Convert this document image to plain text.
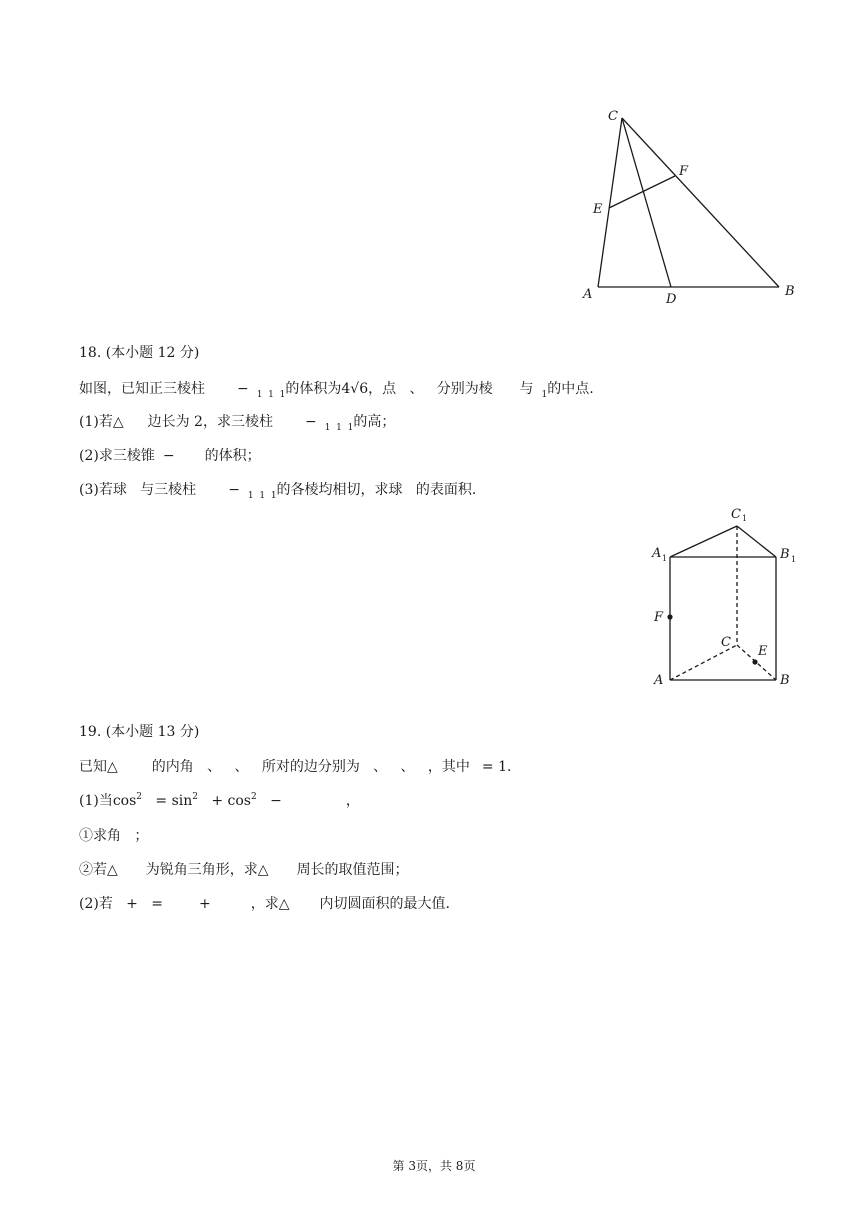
C
F
E
A	D
B
C 1
A 1	B 1
F
C
E
A	B
18. (本小题 12 分)
如图，已知正三棱柱 − $_{1 1 1}$的体积为4√6，点   、   分别为棱      与 $_1$的中点.
(1)若△ 边长为 2，求三棱柱 − $_{1 1 1}$的高；
(2)求三棱锥 − 的体积；
(3)若球   与三棱柱 − $_{1 1 1}$的各棱均相切，求球   的表面积.
19. (本小题 13 分)
已知△ 的内角   、   、   所对的边分别为   、   、   ，其中 = 1.
(1)当$\cos^2 = \sin^2 + \cos^2$   −	，
①求角   ；
②若△ 为锐角三角形，求△ 周长的取值范围；
(2)若   +   =	+	，求△ 内切圆面积的最大值.
第 3页，共 8页
